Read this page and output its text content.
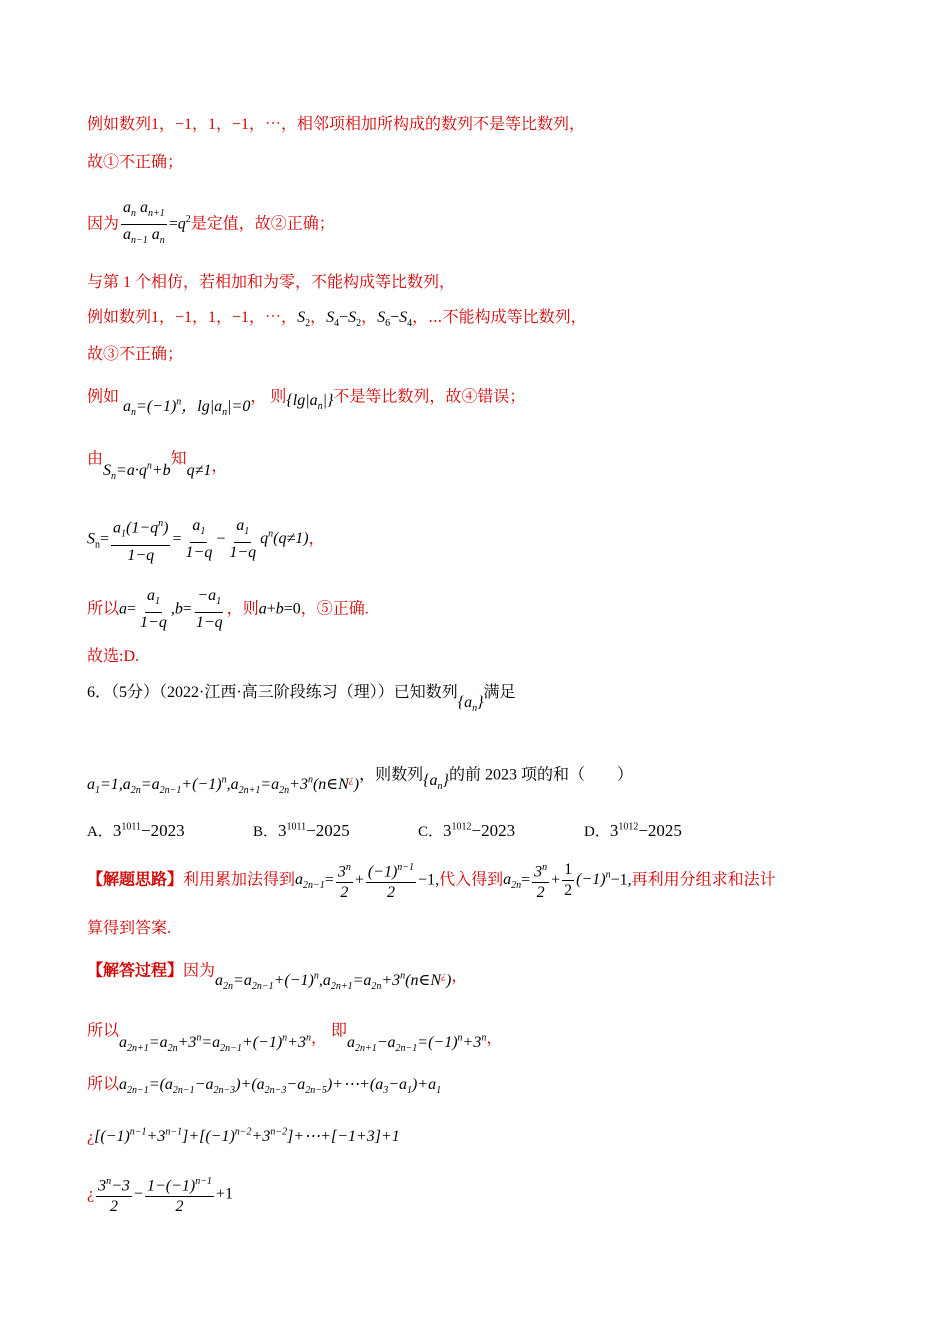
例如数列1，−1，1，−1，⋯，相邻项相加所构成的数列不是等比数列，
故①不正确；
因为 $\frac{a_n a_{n+1}}{a_{n-1} a_n} =q^2$是定值，故②正确；
与第 1 个相仿，若相加和为零，不能构成等比数列，
例如数列1，−1，1，−1，⋯，$S_2$，$S_4-S_2$，$S_6-S_4$，⋯不能构成等比数列，
故③不正确；
例如 $a_n=(-1)^n$，$\lg|a_n|=0$， 则$\{\lg|a_n|\}$不是等比数列，故④错误；
由$S_n=a\cdot q^n+b$知q≠1，
$S_n= \frac{a_1(1-q^n)}{1-q} = \frac{a_1}{1-q} - \frac{a_1}{1-q} q^n(q\ne 1)$，
所以$a= \frac{a_1}{1-q} ,b= \frac{-a_1}{1-q}$ ，则a+b=0，⑤正确.
故选:D.
6．（5分）（2022·江西·高三阶段练习（理））已知数列$\{a_n\}$满足
$a_1=1,a_{2n}=a_{2n-1}+(-1)^n,a_{2n+1}=a_{2n}+3^n(n\in N^¿)$，则数列$\{a_n\}$的前 2023 项的和（　　）
A．$3^{1011}-2023$	B．$3^{1011}-2025$	C．$3^{1012}-2023$	D．$3^{1012}-2025$
【解题思路】利用累加法得到$a_{2n-1}= \frac{3^n}{2} + \frac{(-1)^{n-1}}{2} -1$,代入得到$a_{2n}= \frac{3^n}{2} + \frac{1}{2} (-1)^n-1$,再利用分组求和法计
算得到答案.
【解答过程】因为$a_{2n}=a_{2n-1}+(-1)^n,a_{2n+1}=a_{2n}+3^n(n\in N^¿)$，
所以$a_{2n+1}=a_{2n}+3^n=a_{2n-1}+(-1)^n+3^n$， 即$a_{2n+1}-a_{2n-1}=(-1)^n+3^n$，
所以$a_{2n-1}=(a_{2n-1}-a_{2n-3})+(a_{2n-3}-a_{2n-5})+\cdots+(a_3-a_1)+a_1$
¿$[(-1)^{n-1}+3^{n-1}]+[(-1)^{n-2}+3^{n-2}]+\cdots+[-1+3]+1$
¿ $\frac{3^n-3}{2} - \frac{1-(-1)^{n-1}}{2} +1$
